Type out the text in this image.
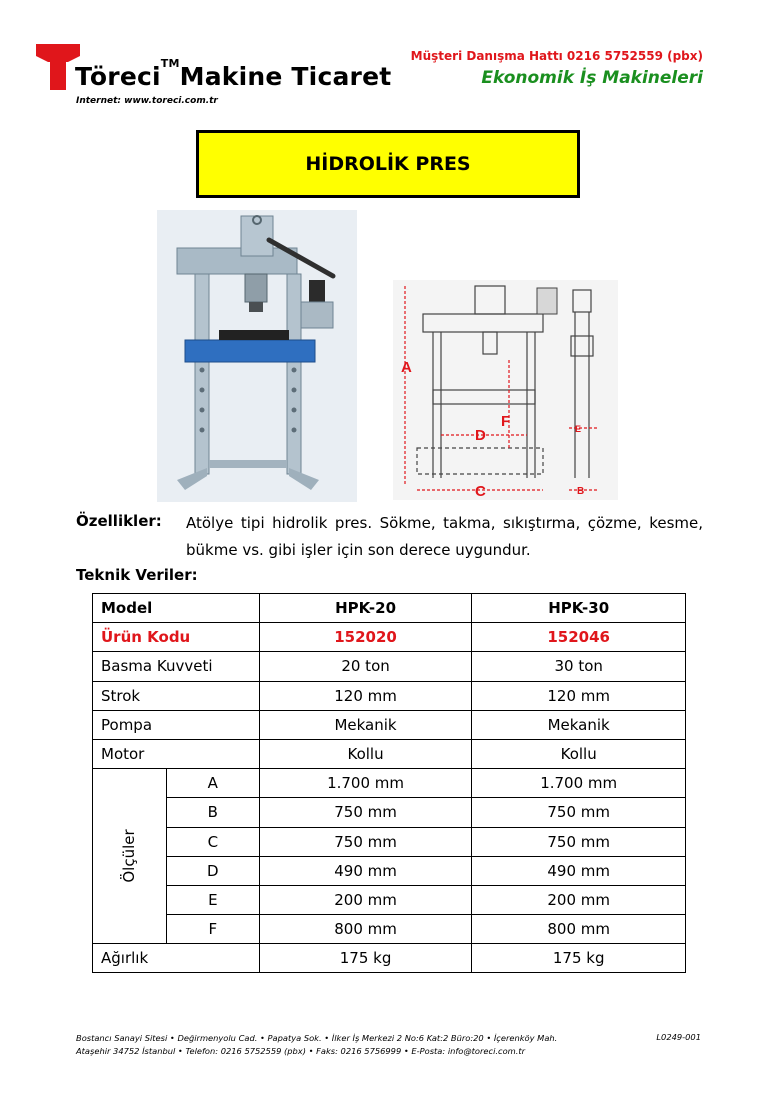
Töreci™Makine Ticaret
Internet: www.toreci.com.tr
Müşteri Danışma Hattı 0216 5752559 (pbx)
Ekonomik İş Makineleri
HİDROLİK PRES
A
C
D
F	E
B
Özellikler: Atölye tipi hidrolik pres. Sökme, takma, sıkıştırma, çözme, kesme, bükme vs. gibi işler için son derece uygundur.
Teknik Veriler:
Model		HPK-20	HPK-30
Ürün Kodu		152020	152046
Basma Kuvveti		20 ton	30 ton
Strok		120 mm	120 mm
Pompa		Mekanik	Mekanik
Motor		Kollu	Kollu

Ölçüler	A	1.700 mm	1.700 mm
	B	750 mm	750 mm
	C	750 mm	750 mm
	D	490 mm	490 mm
	E	200 mm	200 mm
	F	800 mm	800 mm
Ağırlık		175 kg	175 kg
Bostancı Sanayi Sitesi • Değirmenyolu Cad. • Papatya Sok. • İlker İş Merkezi 2 No:6 Kat:2 Büro:20 • İçerenköy Mah.
Ataşehir 34752 İstanbul • Telefon: 0216 5752559 (pbx) • Faks: 0216 5756999 • E-Posta: info@toreci.com.tr
L0249-001
